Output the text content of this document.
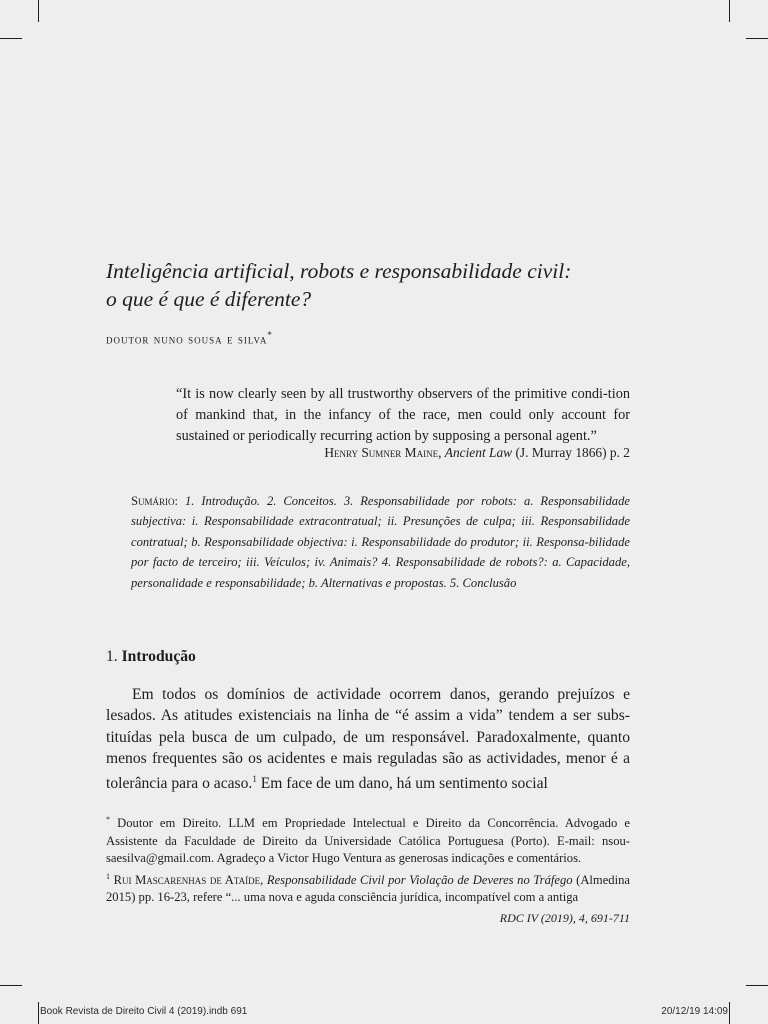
Inteligência artificial, robots e responsabilidade civil:
o que é que é diferente?

doutor nuno sousa e silva*

“It is now clearly seen by all trustworthy observers of the primitive condi-tion of mankind that, in the infancy of the race, men could only account for sustained or periodically recurring action by supposing a personal agent.”

Henry Sumner Maine, Ancient Law (J. Murray 1866) p. 2

Sumário: 1. Introdução. 2. Conceitos. 3. Responsabilidade por robots: a. Responsabilidade subjectiva: i. Responsabilidade extracontratual; ii. Presunções de culpa; iii. Responsabilidade contratual; b. Responsabilidade objectiva: i. Responsabilidade do produtor; ii. Responsa-bilidade por facto de terceiro; iii. Veículos; iv. Animais? 4. Responsabilidade de robots?: a. Capacidade, personalidade e responsabilidade; b. Alternativas e propostas. 5. Conclusão

1. Introdução

Em todos os domínios de actividade ocorrem danos, gerando prejuízos e lesados. As atitudes existenciais na linha de “é assim a vida” tendem a ser subs-tituídas pela busca de um culpado, de um responsável. Paradoxalmente, quanto menos frequentes são os acidentes e mais reguladas são as actividades, menor é a tolerância para o acaso.$^1$ Em face de um dano, há um sentimento social

* Doutor em Direito. LLM em Propriedade Intelectual e Direito da Concorrência. Advogado e Assistente da Faculdade de Direito da Universidade Católica Portuguesa (Porto). E-mail: nsou-saesilva@gmail.com. Agradeço a Victor Hugo Ventura as generosas indicações e comentários.
$^1$ Rui Mascarenhas de Ataíde, Responsabilidade Civil por Violação de Deveres no Tráfego (Almedina 2015) pp. 16-23, refere “... uma nova e aguda consciência jurídica, incompatível com a antiga

RDC IV (2019), 4, 691-711

Book Revista de Direito Civil 4 (2019).indb 691	20/12/19 14:09
